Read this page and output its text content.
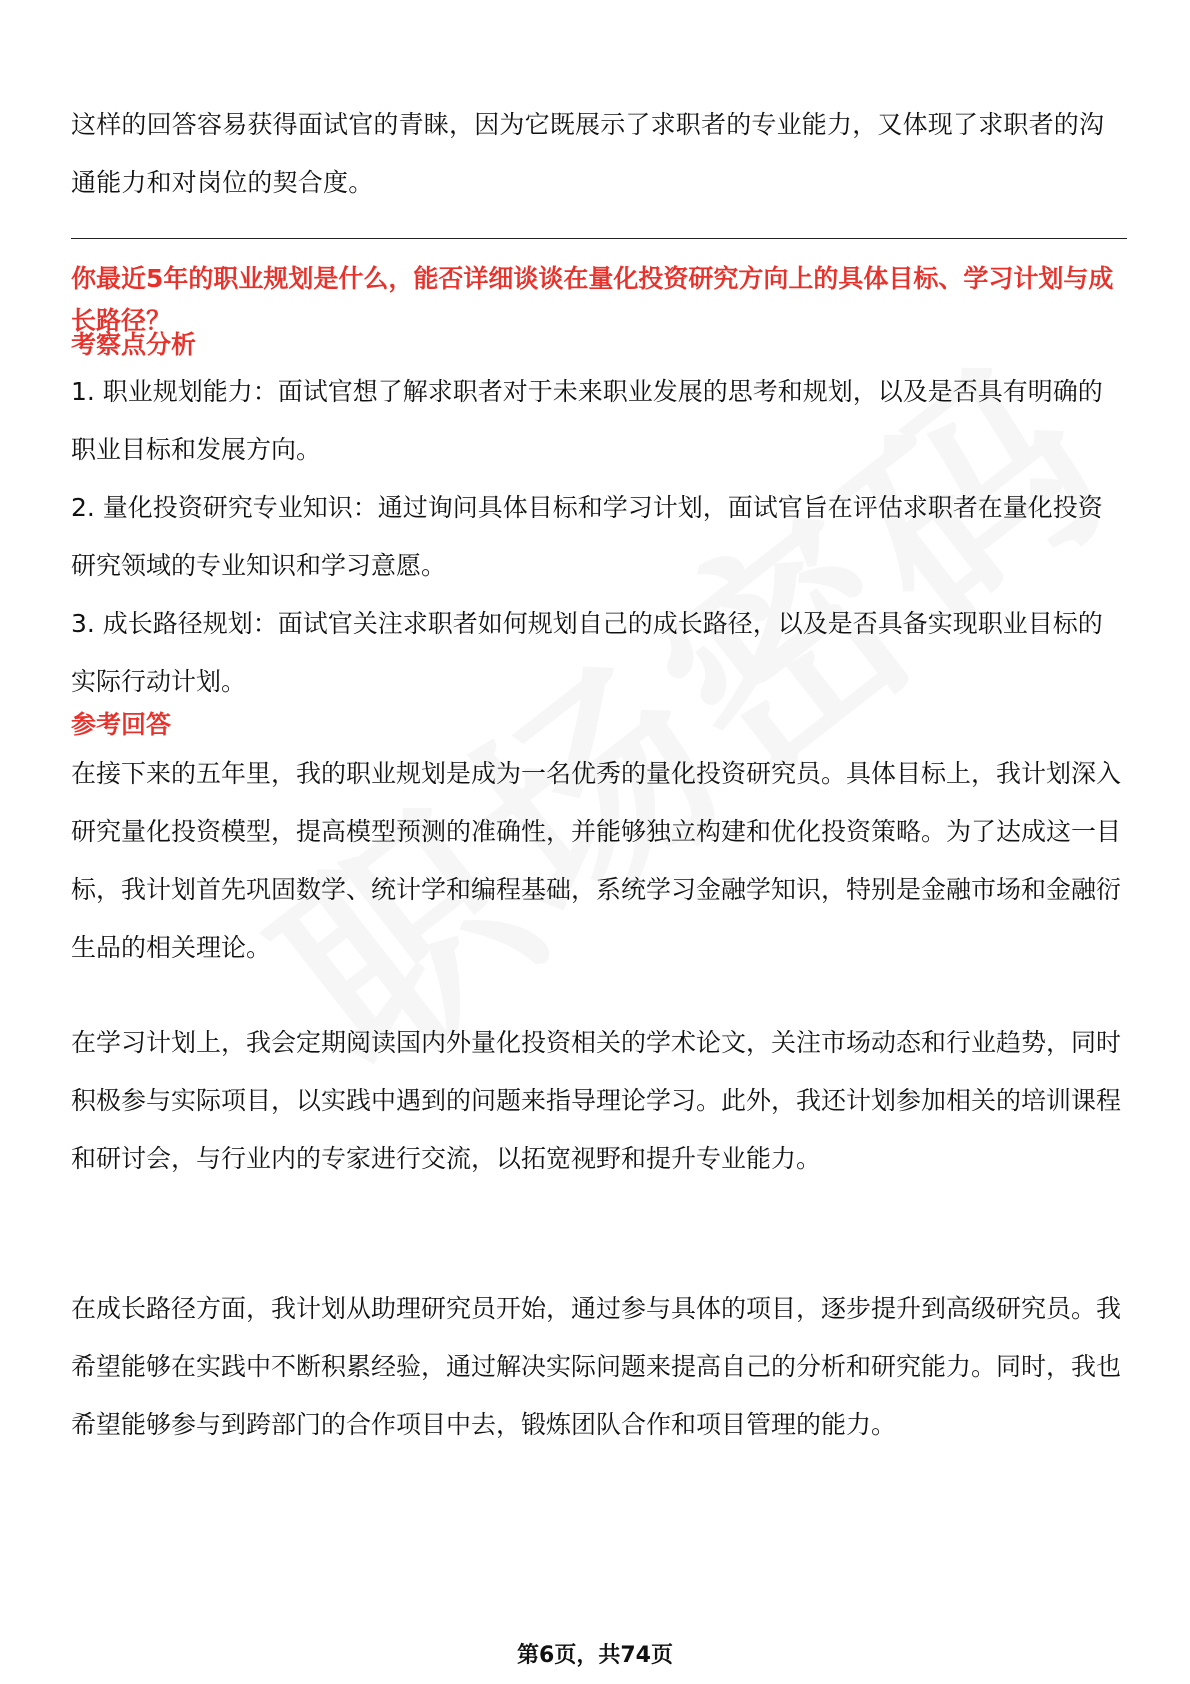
这样的回答容易获得面试官的青睐，因为它既展示了求职者的专业能力，又体现了求职者的沟通能力和对岗位的契合度。

你最近5年的职业规划是什么，能否详细谈谈在量化投资研究方向上的具体目标、学习计划与成长路径？

考察点分析

1. 职业规划能力：面试官想了解求职者对于未来职业发展的思考和规划，以及是否具有明确的职业目标和发展方向。

2. 量化投资研究专业知识：通过询问具体目标和学习计划，面试官旨在评估求职者在量化投资研究领域的专业知识和学习意愿。

3. 成长路径规划：面试官关注求职者如何规划自己的成长路径，以及是否具备实现职业目标的实际行动计划。

参考回答

在接下来的五年里，我的职业规划是成为一名优秀的量化投资研究员。具体目标上，我计划深入研究量化投资模型，提高模型预测的准确性，并能够独立构建和优化投资策略。为了达成这一目标，我计划首先巩固数学、统计学和编程基础，系统学习金融学知识，特别是金融市场和金融衍生品的相关理论。

在学习计划上，我会定期阅读国内外量化投资相关的学术论文，关注市场动态和行业趋势，同时积极参与实际项目，以实践中遇到的问题来指导理论学习。此外，我还计划参加相关的培训课程和研讨会，与行业内的专家进行交流，以拓宽视野和提升专业能力。

在成长路径方面，我计划从助理研究员开始，通过参与具体的项目，逐步提升到高级研究员。我希望能够在实践中不断积累经验，通过解决实际问题来提高自己的分析和研究能力。同时，我也希望能够参与到跨部门的合作项目中去，锻炼团队合作和项目管理的能力。

第6页，共74页
